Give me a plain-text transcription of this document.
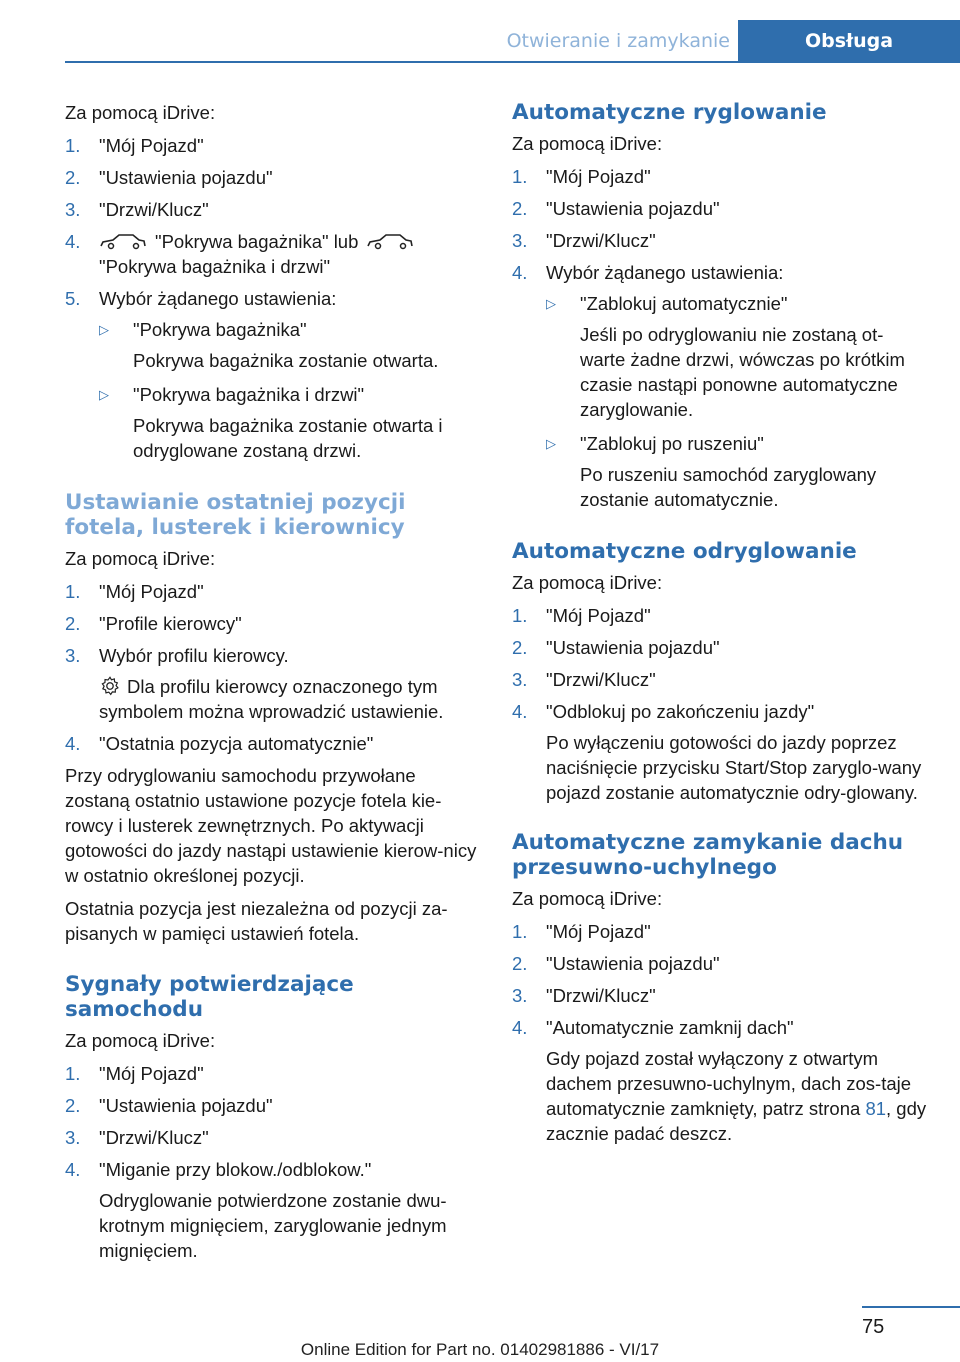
Otwieranie i zamykanie	Obsługa

Za pomocą iDrive:

1. "Mój Pojazd"
2. "Ustawienia pojazdu"
3. "Drzwi/Klucz"
4.	"Pokrywa bagażnika" lub
"Pokrywa bagażnika i drzwi"
5. Wybór żądanego ustawienia:
▷ "Pokrywa bagażnika"
Pokrywa bagażnika zostanie otwarta.
▷ "Pokrywa bagażnika i drzwi"
Pokrywa bagażnika zostanie otwarta i odryglowane zostaną drzwi.
Ustawianie ostatniej pozycji fotela, lusterek i kierownicy

Za pomocą iDrive:

1. "Mój Pojazd"
2. "Profile kierowcy"
3. Wybór profilu kierowcy.
Dla profilu kierowcy oznaczonego tym symbolem można wprowadzić ustawienie.
4. "Ostatnia pozycja automatycznie"

Przy odryglowaniu samochodu przywołane zostaną ostatnio ustawione pozycje fotela kie-rowcy i lusterek zewnętrznych. Po aktywacji gotowości do jazdy nastąpi ustawienie kierow-nicy w ostatnio określonej pozycji.

Ostatnia pozycja jest niezależna od pozycji za-pisanych w pamięci ustawień fotela.

Sygnały potwierdzające samochodu

Za pomocą iDrive:

1. "Mój Pojazd"
2. "Ustawienia pojazdu"
3. "Drzwi/Klucz"
4. "Miganie przy blokow./odblokow."
Odryglowanie potwierdzone zostanie dwu-krotnym mignięciem, zaryglowanie jednym mignięciem.
Automatyczne ryglowanie

Za pomocą iDrive:

1. "Mój Pojazd"
2. "Ustawienia pojazdu"
3. "Drzwi/Klucz"
4. Wybór żądanego ustawienia:
▷ "Zablokuj automatycznie"
Jeśli po odryglowaniu nie zostaną ot-warte żadne drzwi, wówczas po krótkim czasie nastąpi ponowne automatyczne zaryglowanie.
▷ "Zablokuj po ruszeniu"
Po ruszeniu samochód zaryglowany zostanie automatycznie.
Automatyczne odryglowanie

Za pomocą iDrive:

1. "Mój Pojazd"
2. "Ustawienia pojazdu"
3. "Drzwi/Klucz"
4. "Odblokuj po zakończeniu jazdy"
Po wyłączeniu gotowości do jazdy poprzez naciśnięcie przycisku Start/Stop zaryglo-wany pojazd zostanie automatycznie odry-glowany.
Automatyczne zamykanie dachu przesuwno-uchylnego

Za pomocą iDrive:

1. "Mój Pojazd"
2. "Ustawienia pojazdu"
3. "Drzwi/Klucz"
4. "Automatycznie zamknij dach"
Gdy pojazd został wyłączony z otwartym dachem przesuwno-uchylnym, dach zos-taje automatycznie zamknięty, patrz strona 81, gdy zacznie padać deszcz.
75
Online Edition for Part no. 01402981886 - VI/17
